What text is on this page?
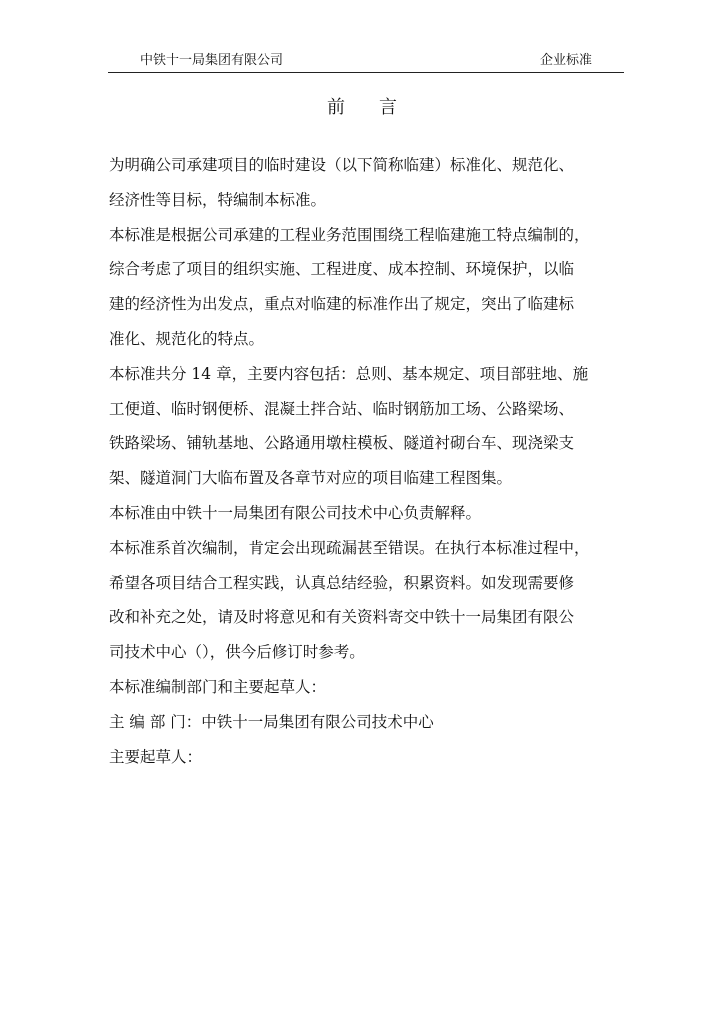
中铁十一局集团有限公司	企业标准
前言
为明确公司承建项目的临时建设（以下简称临建）标准化、规范化、
经济性等目标，特编制本标准。
本标准是根据公司承建的工程业务范围围绕工程临建施工特点编制的，
综合考虑了项目的组织实施、工程进度、成本控制、环境保护，以临
建的经济性为出发点，重点对临建的标准作出了规定，突出了临建标
准化、规范化的特点。
本标准共分 14 章，主要内容包括：总则、基本规定、项目部驻地、施
工便道、临时钢便桥、混凝土拌合站、临时钢筋加工场、公路梁场、
铁路梁场、铺轨基地、公路通用墩柱模板、隧道衬砌台车、现浇梁支
架、隧道洞门大临布置及各章节对应的项目临建工程图集。
本标准由中铁十一局集团有限公司技术中心负责解释。
本标准系首次编制，肯定会出现疏漏甚至错误。在执行本标准过程中，
希望各项目结合工程实践，认真总结经验，积累资料。如发现需要修
改和补充之处，请及时将意见和有关资料寄交中铁十一局集团有限公
司技术中心（），供今后修订时参考。
本标准编制部门和主要起草人：
主 编 部 门：中铁十一局集团有限公司技术中心
主要起草人：
